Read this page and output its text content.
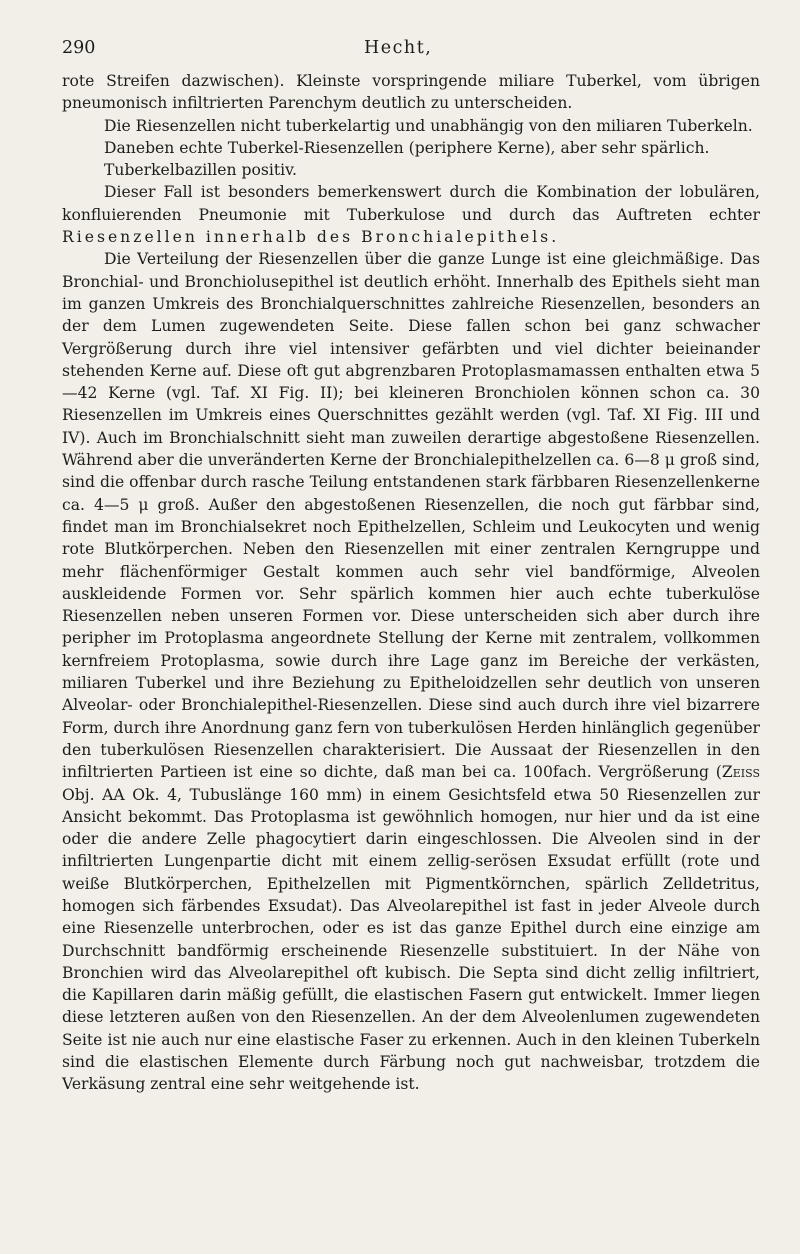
290	Hecht,

rote Streifen dazwischen). Kleinste vorspringende miliare Tuberkel, vom übrigen pneumonisch infiltrierten Parenchym deutlich zu unterscheiden.

Die Riesenzellen nicht tuberkelartig und unabhängig von den miliaren Tuberkeln.

Daneben echte Tuberkel-Riesenzellen (periphere Kerne), aber sehr spärlich.

Tuberkelbazillen positiv.

Dieser Fall ist besonders bemerkenswert durch die Kombination der lobulären, konfluierenden Pneumonie mit Tuberkulose und durch das Auftreten echter Riesenzellen innerhalb des Bronchialepithels.

Die Verteilung der Riesenzellen über die ganze Lunge ist eine gleichmäßige. Das Bronchial- und Bronchiolusepithel ist deutlich erhöht. Innerhalb des Epithels sieht man im ganzen Umkreis des Bronchialquerschnittes zahlreiche Riesenzellen, besonders an der dem Lumen zugewendeten Seite. Diese fallen schon bei ganz schwacher Vergrößerung durch ihre viel intensiver gefärbten und viel dichter beieinander stehenden Kerne auf. Diese oft gut abgrenzbaren Protoplasmamassen enthalten etwa 5—42 Kerne (vgl. Taf. XI Fig. II); bei kleineren Bronchiolen können schon ca. 30 Riesenzellen im Umkreis eines Querschnittes gezählt werden (vgl. Taf. XI Fig. III und IV). Auch im Bronchialschnitt sieht man zuweilen derartige abgestoßene Riesenzellen. Während aber die unveränderten Kerne der Bronchialepithelzellen ca. 6—8 μ groß sind, sind die offenbar durch rasche Teilung entstandenen stark färbbaren Riesenzellenkerne ca. 4—5 μ groß. Außer den abgestoßenen Riesenzellen, die noch gut färbbar sind, findet man im Bronchialsekret noch Epithelzellen, Schleim und Leukocyten und wenig rote Blutkörperchen. Neben den Riesenzellen mit einer zentralen Kerngruppe und mehr flächenförmiger Gestalt kommen auch sehr viel bandförmige, Alveolen auskleidende Formen vor. Sehr spärlich kommen hier auch echte tuberkulöse Riesenzellen neben unseren Formen vor. Diese unterscheiden sich aber durch ihre peripher im Protoplasma angeordnete Stellung der Kerne mit zentralem, vollkommen kernfreiem Protoplasma, sowie durch ihre Lage ganz im Bereiche der verkästen, miliaren Tuberkel und ihre Beziehung zu Epitheloidzellen sehr deutlich von unseren Alveolar- oder Bronchialepithel-Riesenzellen. Diese sind auch durch ihre viel bizarrere Form, durch ihre Anordnung ganz fern von tuberkulösen Herden hinlänglich gegenüber den tuberkulösen Riesenzellen charakterisiert. Die Aussaat der Riesenzellen in den infiltrierten Partieen ist eine so dichte, daß man bei ca. 100fach. Vergrößerung (Zeiss Obj. AA Ok. 4, Tubuslänge 160 mm) in einem Gesichtsfeld etwa 50 Riesenzellen zur Ansicht bekommt. Das Protoplasma ist gewöhnlich homogen, nur hier und da ist eine oder die andere Zelle phagocytiert darin eingeschlossen. Die Alveolen sind in der infiltrierten Lungenpartie dicht mit einem zellig-serösen Exsudat erfüllt (rote und weiße Blutkörperchen, Epithelzellen mit Pigmentkörnchen, spärlich Zelldetritus, homogen sich färbendes Exsudat). Das Alveolarepithel ist fast in jeder Alveole durch eine Riesenzelle unterbrochen, oder es ist das ganze Epithel durch eine einzige am Durchschnitt bandförmig erscheinende Riesenzelle substituiert. In der Nähe von Bronchien wird das Alveolarepithel oft kubisch. Die Septa sind dicht zellig infiltriert, die Kapillaren darin mäßig gefüllt, die elastischen Fasern gut entwickelt. Immer liegen diese letzteren außen von den Riesenzellen. An der dem Alveolenlumen zugewendeten Seite ist nie auch nur eine elastische Faser zu erkennen. Auch in den kleinen Tuberkeln sind die elastischen Elemente durch Färbung noch gut nachweisbar, trotzdem die Verkäsung zentral eine sehr weitgehende ist.
